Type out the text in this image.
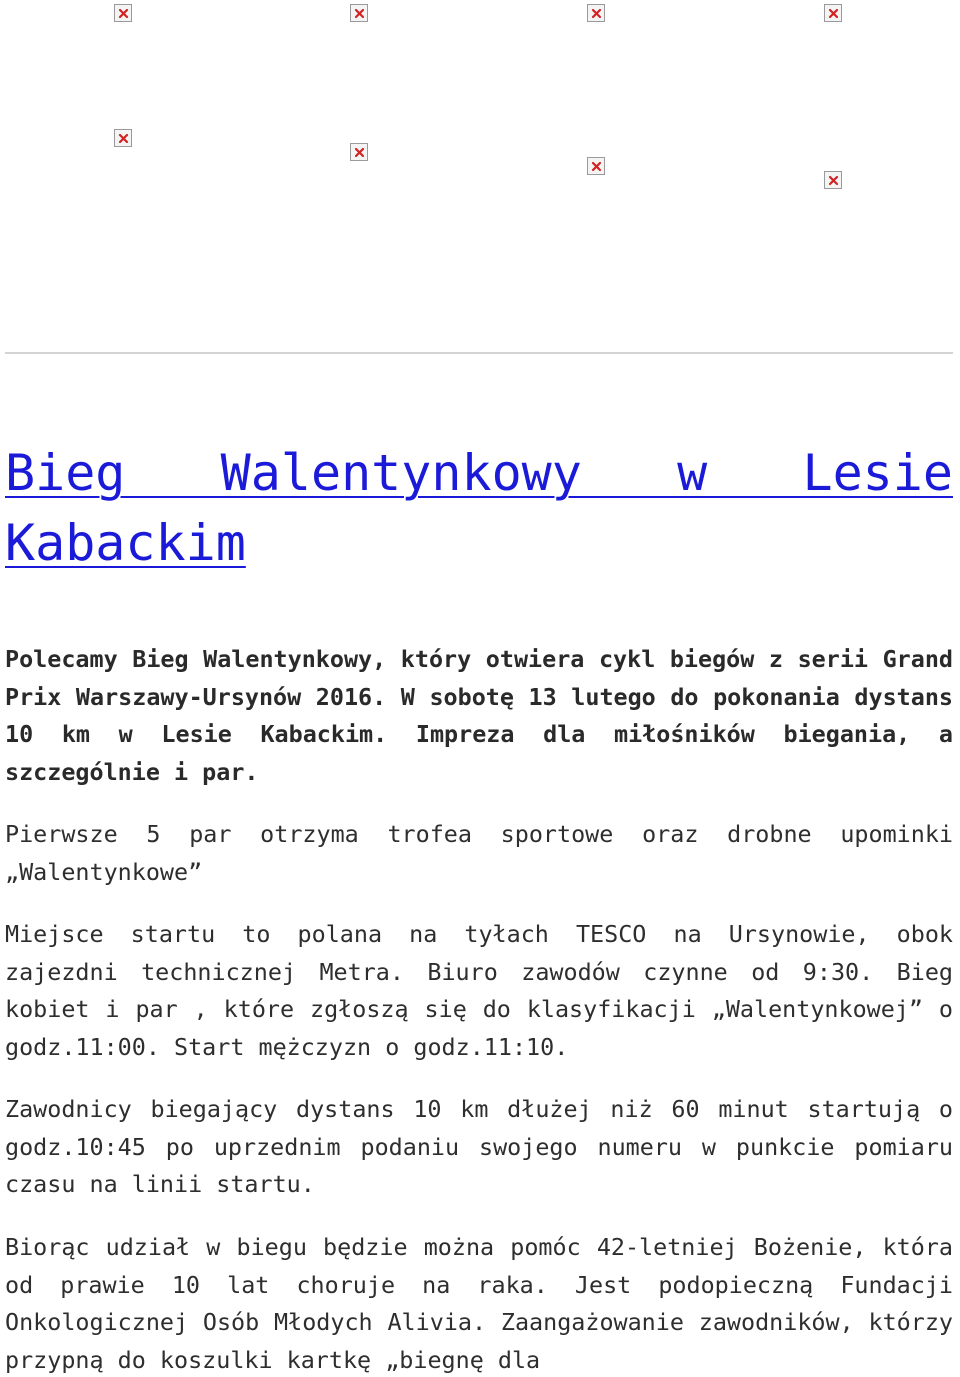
Bieg Walentynkowy w Lesie Kabackim

Polecamy Bieg Walentynkowy, który otwiera cykl biegów z serii Grand Prix Warszawy-Ursynów 2016. W sobotę 13 lutego do pokonania dystans 10 km w Lesie Kabackim. Impreza dla miłośników biegania, a szczególnie i par.

Pierwsze 5 par otrzyma trofea sportowe oraz drobne upominki „Walentynkowe”

Miejsce startu to polana na tyłach TESCO na Ursynowie, obok zajezdni technicznej Metra. Biuro zawodów czynne od 9:30. Bieg kobiet i par , które zgłoszą się do klasyfikacji „Walentynkowej” o godz.11:00. Start mężczyzn o godz.11:10.

Zawodnicy biegający dystans 10 km dłużej niż 60 minut startują o godz.10:45 po uprzednim podaniu swojego numeru w punkcie pomiaru czasu na linii startu.

Biorąc udział w biegu będzie można pomóc 42-letniej Bożenie, która od prawie 10 lat choruje na raka. Jest podopieczną Fundacji Onkologicznej Osób Młodych Alivia. Zaangażowanie zawodników, którzy przypną do koszulki kartkę „biegnę dla
